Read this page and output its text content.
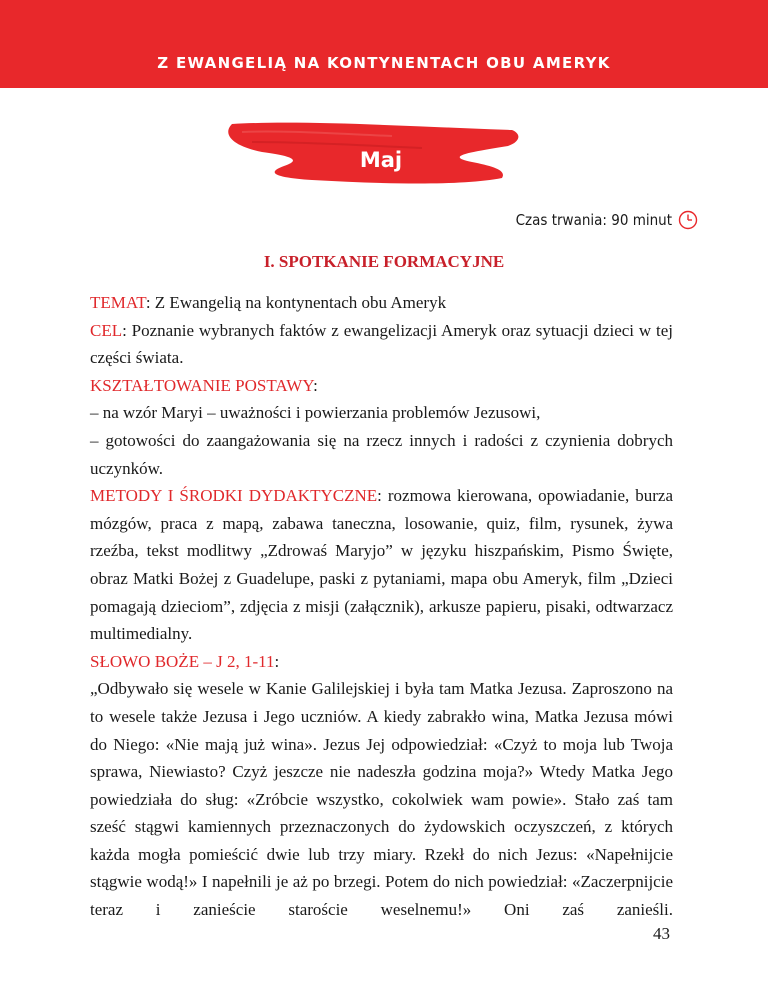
Z EWANGELIĄ NA KONTYNENTACH OBU AMERYK
Maj
Czas trwania: 90 minut
I. SPOTKANIE FORMACYJNE

TEMAT: Z Ewangelią na kontynentach obu Ameryk

CEL: Poznanie wybranych faktów z ewangelizacji Ameryk oraz sytuacji dzieci w tej części świata.

KSZTAŁTOWANIE POSTAWY:

– na wzór Maryi – uważności i powierzania problemów Jezusowi,

– gotowości do zaangażowania się na rzecz innych i radości z czynienia dobrych uczynków.

METODY I ŚRODKI DYDAKTYCZNE: rozmowa kierowana, opowiadanie, burza mózgów, praca z mapą, zabawa taneczna, losowanie, quiz, film, rysunek, żywa rzeźba, tekst modlitwy „Zdrowaś Maryjo” w języku hiszpańskim, Pismo Święte, obraz Matki Bożej z Guadelupe, paski z pytaniami, mapa obu Ameryk, film „Dzieci pomagają dzieciom”, zdjęcia z misji (załącznik), arkusze papieru, pisaki, odtwarzacz multimedialny.

SŁOWO BOŻE – J 2, 1-11:

„Odbywało się wesele w Kanie Galilejskiej i była tam Matka Jezusa. Zaproszono na to wesele także Jezusa i Jego uczniów. A kiedy zabrakło wina, Matka Jezusa mówi do Niego: «Nie mają już wina». Jezus Jej odpowiedział: «Czyż to moja lub Twoja sprawa, Niewiasto? Czyż jeszcze nie nadeszła godzina moja?» Wtedy Matka Jego powiedziała do sług: «Zróbcie wszystko, cokolwiek wam powie». Stało zaś tam sześć stągwi kamiennych przeznaczonych do żydowskich oczyszczeń, z których każda mogła pomieścić dwie lub trzy miary. Rzekł do nich Jezus: «Napełnijcie stągwie wodą!» I napełnili je aż po brzegi. Potem do nich powiedział: «Zaczerpnijcie teraz i zanieście staroście weselnemu!» Oni zaś zanieśli.

43
